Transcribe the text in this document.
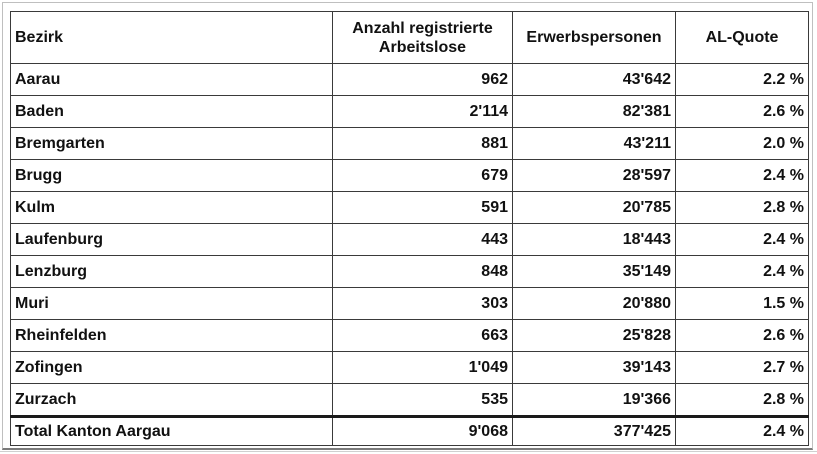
Bezirk	Anzahl registrierte Arbeitslose	Erwerbspersonen	AL-Quote
Aarau	962	43'642	2.2 %
Baden	2'114	82'381	2.6 %
Bremgarten	881	43'211	2.0 %
Brugg	679	28'597	2.4 %
Kulm	591	20'785	2.8 %
Laufenburg	443	18'443	2.4 %
Lenzburg	848	35'149	2.4 %
Muri	303	20'880	1.5 %
Rheinfelden	663	25'828	2.6 %
Zofingen	1'049	39'143	2.7 %
Zurzach	535	19'366	2.8 %
Total Kanton Aargau	9'068	377'425	2.4 %
